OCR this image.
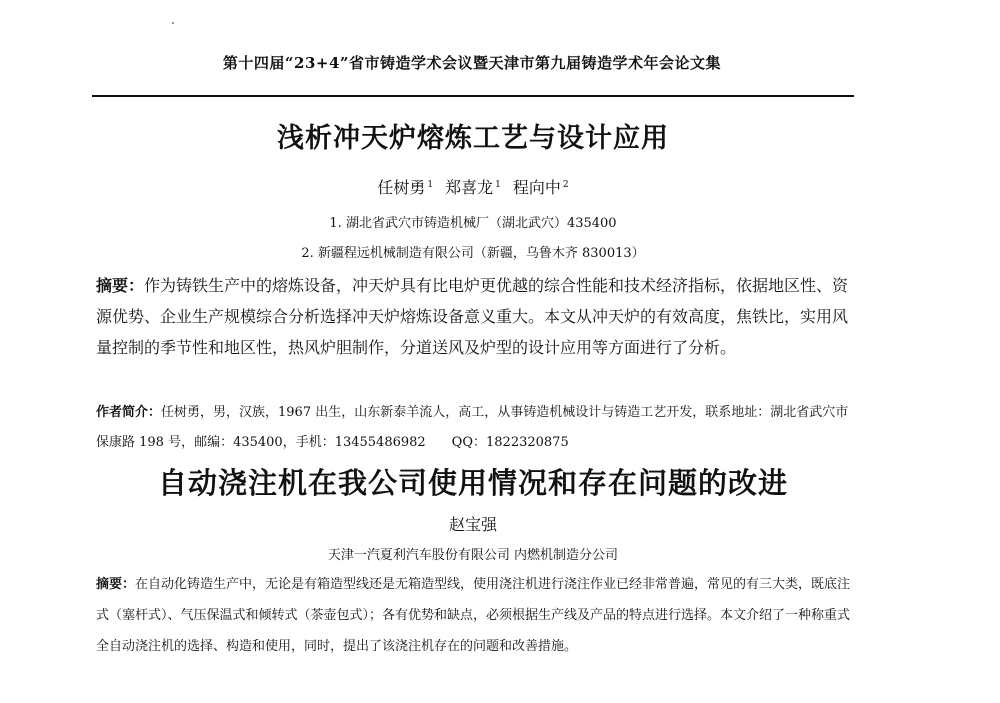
第十四届“23+4”省市铸造学术会议暨天津市第九届铸造学术年会论文集
浅析冲天炉熔炼工艺与设计应用
任树勇 $^1$ 郑喜龙 $^1$ 程向中 $^2$
1. 湖北省武穴市铸造机械厂（湖北武穴）435400
2. 新疆程远机械制造有限公司（新疆，乌鲁木齐 830013）

摘要：作为铸铁生产中的熔炼设备，冲天炉具有比电炉更优越的综合性能和技术经济指标，依据地区性、资源优势、企业生产规模综合分析选择冲天炉熔炼设备意义重大。本文从冲天炉的有效高度，焦铁比，实用风量控制的季节性和地区性，热风炉胆制作，分道送风及炉型的设计应用等方面进行了分析。

作者简介：任树勇，男，汉族，1967 出生，山东新泰羊流人，高工，从事铸造机械设计与铸造工艺开发，联系地址：湖北省武穴市保康路 198 号，邮编：435400，手机：13455486982　　QQ：1822320875

自动浇注机在我公司使用情况和存在问题的改进
赵宝强
天津一汽夏利汽车股份有限公司 内燃机制造分公司

摘要：在自动化铸造生产中，无论是有箱造型线还是无箱造型线，使用浇注机进行浇注作业已经非常普遍，常见的有三大类，既底注式（塞杆式）、气压保温式和倾转式（茶壶包式）；各有优势和缺点，必须根据生产线及产品的特点进行选择。本文介绍了一种称重式全自动浇注机的选择、构造和使用，同时，提出了该浇注机存在的问题和改善措施。
